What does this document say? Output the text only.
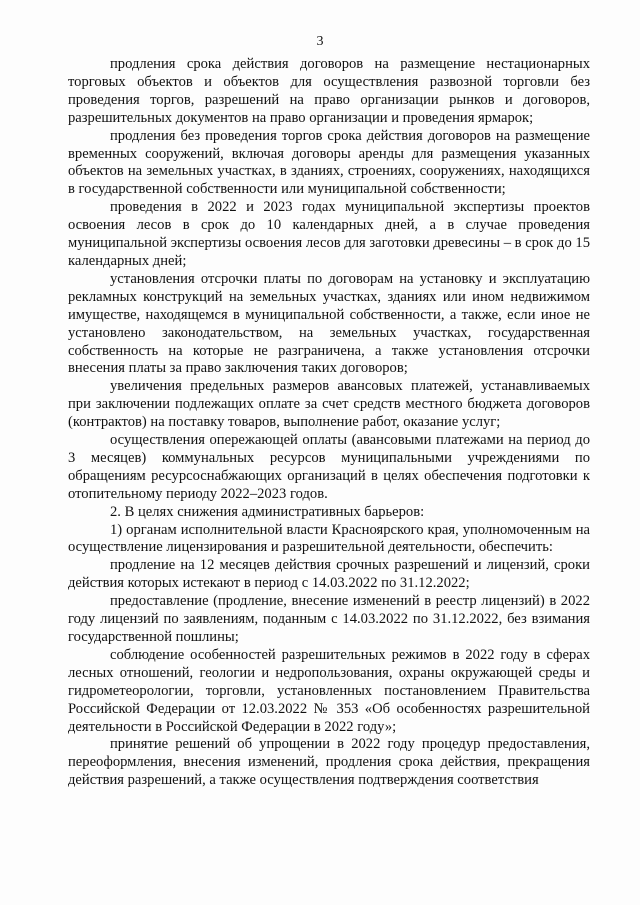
3

продления срока действия договоров на размещение нестационарных торговых объектов и объектов для осуществления развозной торговли без проведения торгов, разрешений на право организации рынков и договоров, разрешительных документов на право организации и проведения ярмарок;

продления без проведения торгов срока действия договоров на размещение временных сооружений, включая договоры аренды для размещения указанных объектов на земельных участках, в зданиях, строениях, сооружениях, находящихся в государственной собственности или муниципальной собственности;

проведения в 2022 и 2023 годах муниципальной экспертизы проектов освоения лесов в срок до 10 календарных дней, а в случае проведения муниципальной экспертизы освоения лесов для заготовки древесины – в срок до 15 календарных дней;

установления отсрочки платы по договорам на установку и эксплуатацию рекламных конструкций на земельных участках, зданиях или ином недвижимом имуществе, находящемся в муниципальной собственности, а также, если иное не установлено законодательством, на земельных участках, государственная собственность на которые не разграничена, а также установления отсрочки внесения платы за право заключения таких договоров;

увеличения предельных размеров авансовых платежей, устанавливаемых при заключении подлежащих оплате за счет средств местного бюджета договоров (контрактов) на поставку товаров, выполнение работ, оказание услуг;

осуществления опережающей оплаты (авансовыми платежами на период до 3 месяцев) коммунальных ресурсов муниципальными учреждениями по обращениям ресурсоснабжающих организаций в целях обеспечения подготовки к отопительному периоду 2022–2023 годов.

2. В целях снижения административных барьеров:

1) органам исполнительной власти Красноярского края, уполномоченным на осуществление лицензирования и разрешительной деятельности, обеспечить:

продление на 12 месяцев действия срочных разрешений и лицензий, сроки действия которых истекают в период с 14.03.2022 по 31.12.2022;

предоставление (продление, внесение изменений в реестр лицензий) в 2022 году лицензий по заявлениям, поданным с 14.03.2022 по 31.12.2022, без взимания государственной пошлины;

соблюдение особенностей разрешительных режимов в 2022 году в сферах лесных отношений, геологии и недропользования, охраны окружающей среды и гидрометеорологии, торговли, установленных постановлением Правительства Российской Федерации от 12.03.2022 № 353 «Об особенностях разрешительной деятельности в Российской Федерации в 2022 году»;

принятие решений об упрощении в 2022 году процедур предоставления, переоформления, внесения изменений, продления срока действия, прекращения действия разрешений, а также осуществления подтверждения соответствия
